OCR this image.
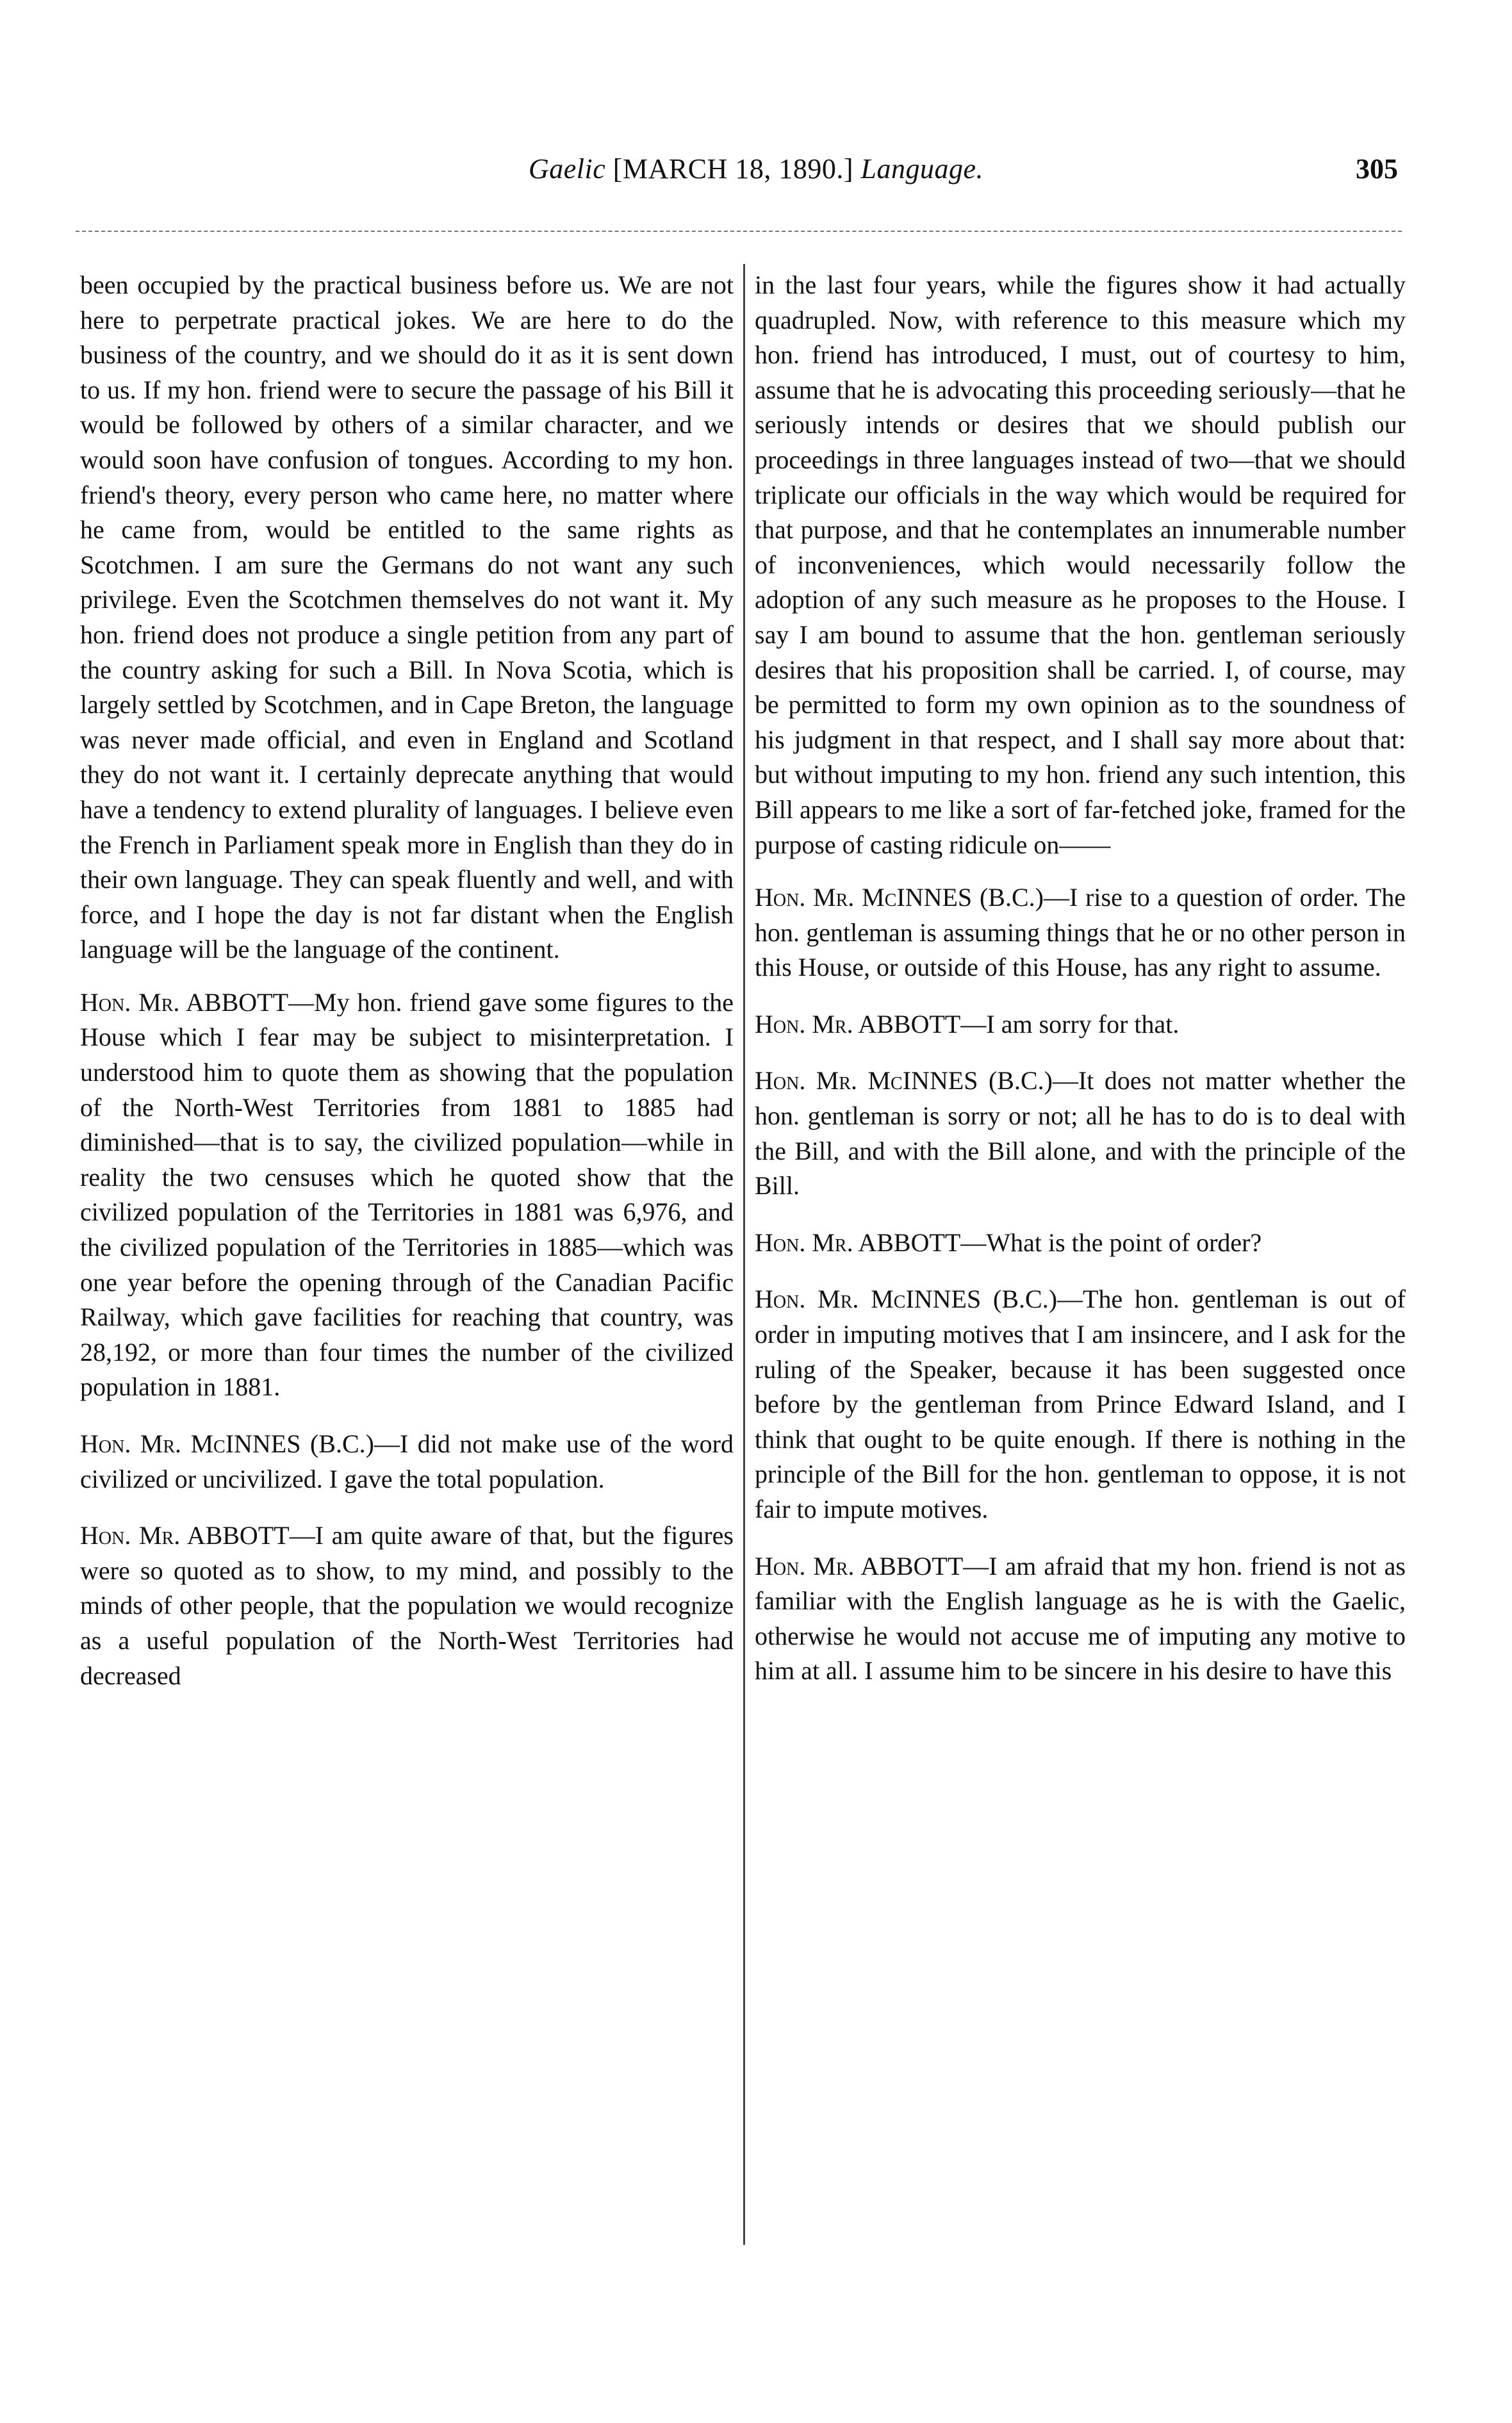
Gaelic [MARCH 18, 1890.] Language.	305

been occupied by the practical business before us. We are not here to perpetrate practical jokes. We are here to do the business of the country, and we should do it as it is sent down to us. If my hon. friend were to secure the passage of his Bill it would be followed by others of a similar character, and we would soon have confusion of tongues. According to my hon. friend's theory, every person who came here, no matter where he came from, would be entitled to the same rights as Scotchmen. I am sure the Germans do not want any such privilege. Even the Scotchmen themselves do not want it. My hon. friend does not produce a single petition from any part of the country asking for such a Bill. In Nova Scotia, which is largely settled by Scotchmen, and in Cape Breton, the language was never made official, and even in England and Scotland they do not want it. I certainly deprecate anything that would have a tendency to extend plurality of languages. I believe even the French in Parliament speak more in English than they do in their own language. They can speak fluently and well, and with force, and I hope the day is not far distant when the English language will be the language of the continent.

Hon. Mr. ABBOTT—My hon. friend gave some figures to the House which I fear may be subject to misinterpretation. I understood him to quote them as showing that the population of the North-West Territories from 1881 to 1885 had diminished—that is to say, the civilized population—while in reality the two censuses which he quoted show that the civilized population of the Territories in 1881 was 6,976, and the civilized population of the Territories in 1885—which was one year before the opening through of the Canadian Pacific Railway, which gave facilities for reaching that country, was 28,192, or more than four times the number of the civilized population in 1881.

Hon. Mr. McINNES (B.C.)—I did not make use of the word civilized or uncivilized. I gave the total population.

Hon. Mr. ABBOTT—I am quite aware of that, but the figures were so quoted as to show, to my mind, and possibly to the minds of other people, that the population we would recognize as a useful population of the North-West Territories had decreased

in the last four years, while the figures show it had actually quadrupled. Now, with reference to this measure which my hon. friend has introduced, I must, out of courtesy to him, assume that he is advocating this proceeding seriously—that he seriously intends or desires that we should publish our proceedings in three languages instead of two—that we should triplicate our officials in the way which would be required for that purpose, and that he contemplates an innumerable number of inconveniences, which would necessarily follow the adoption of any such measure as he proposes to the House. I say I am bound to assume that the hon. gentleman seriously desires that his proposition shall be carried. I, of course, may be permitted to form my own opinion as to the soundness of his judgment in that respect, and I shall say more about that: but without imputing to my hon. friend any such intention, this Bill appears to me like a sort of far-fetched joke, framed for the purpose of casting ridicule on——

Hon. Mr. McINNES (B.C.)—I rise to a question of order. The hon. gentleman is assuming things that he or no other person in this House, or outside of this House, has any right to assume.

Hon. Mr. ABBOTT—I am sorry for that.

Hon. Mr. McINNES (B.C.)—It does not matter whether the hon. gentleman is sorry or not; all he has to do is to deal with the Bill, and with the Bill alone, and with the principle of the Bill.

Hon. Mr. ABBOTT—What is the point of order?

Hon. Mr. McINNES (B.C.)—The hon. gentleman is out of order in imputing motives that I am insincere, and I ask for the ruling of the Speaker, because it has been suggested once before by the gentleman from Prince Edward Island, and I think that ought to be quite enough. If there is nothing in the principle of the Bill for the hon. gentleman to oppose, it is not fair to impute motives.

Hon. Mr. ABBOTT—I am afraid that my hon. friend is not as familiar with the English language as he is with the Gaelic, otherwise he would not accuse me of imputing any motive to him at all. I assume him to be sincere in his desire to have this
